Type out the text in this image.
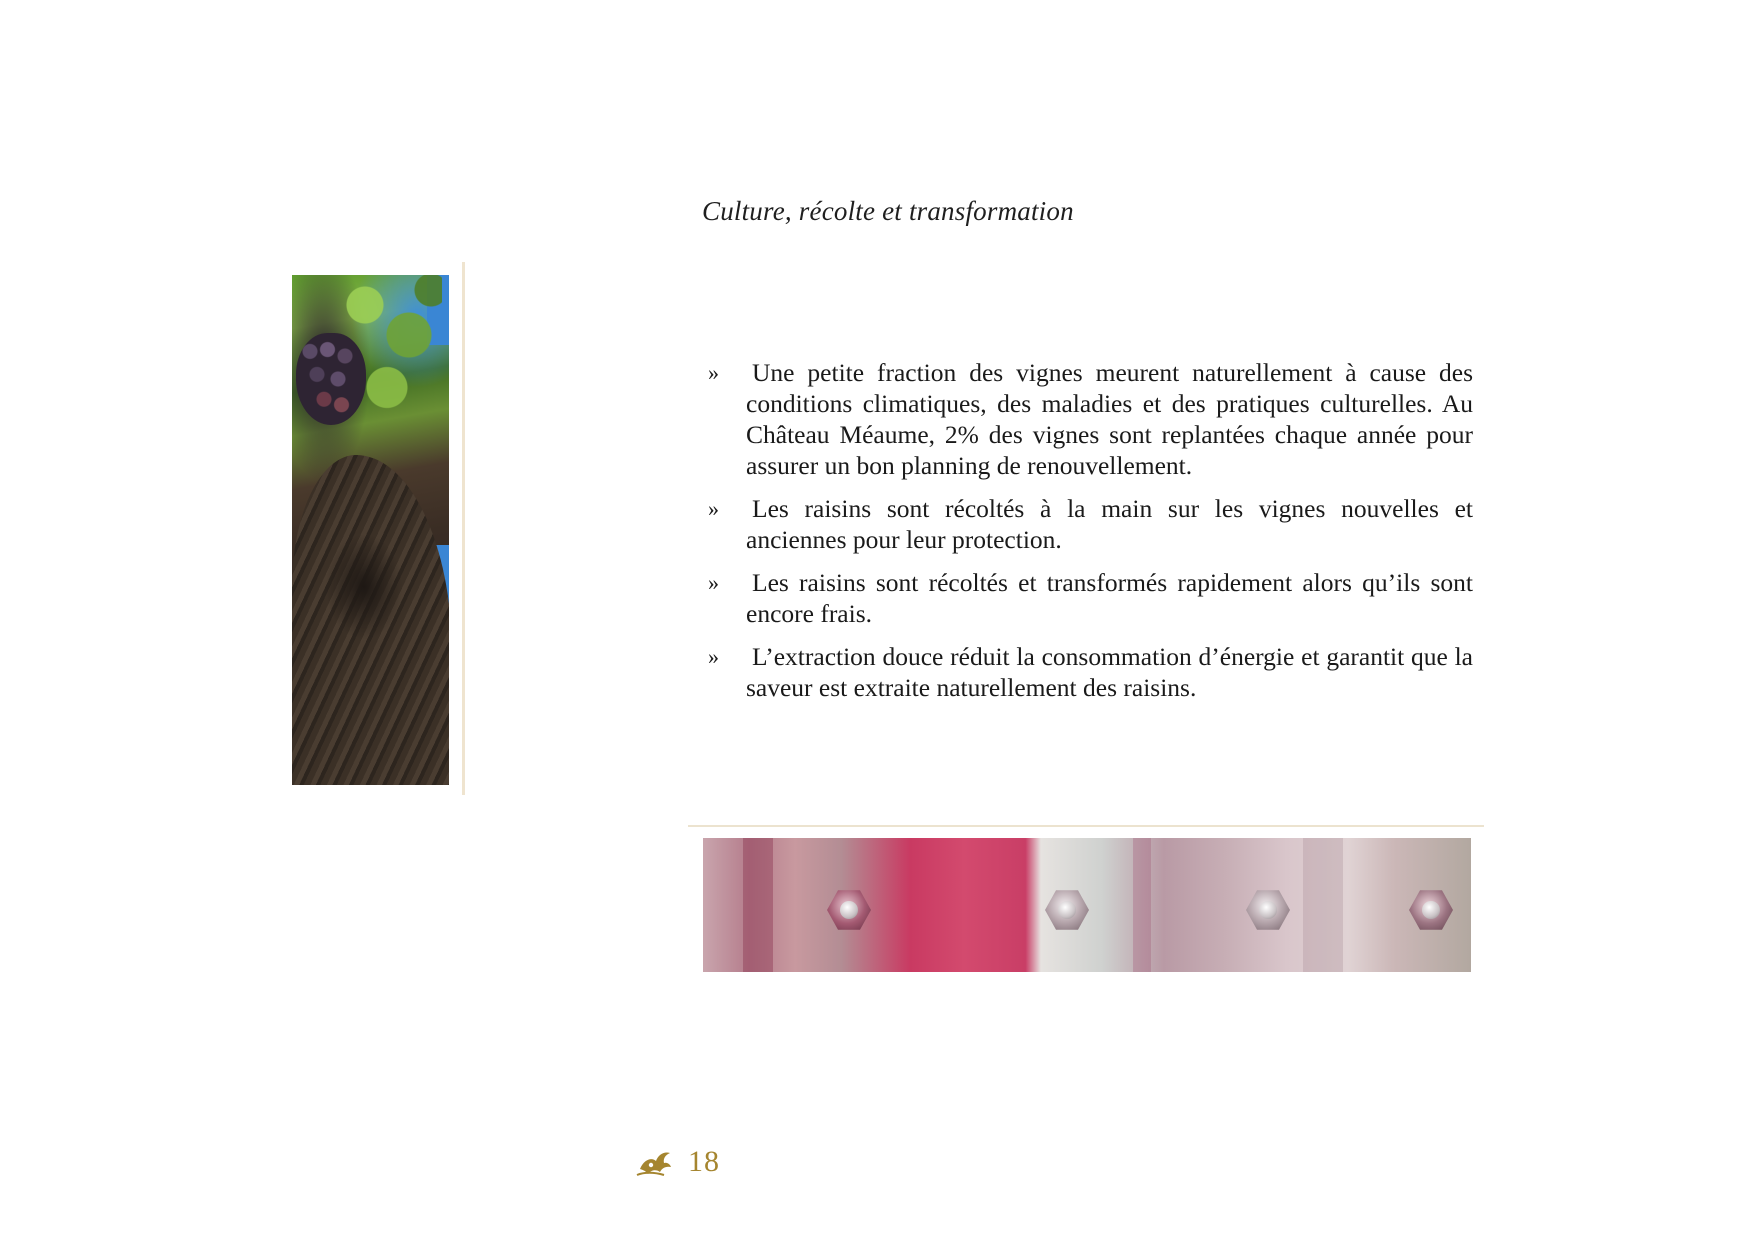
Culture, récolte et transformation
» Une petite fraction des vignes meurent naturellement à cause des conditions climatiques, des maladies et des pratiques culturelles. Au Château Méaume, 2% des vignes sont replantées chaque année pour assurer un bon planning de renouvellement.
» Les raisins sont récoltés à la main sur les vignes nouvelles et anciennes pour leur protection.
» Les raisins sont récoltés et transformés rapidement alors qu’ils sont encore frais.
» L’extraction douce réduit la consommation d’énergie et garantit que la saveur est extraite naturellement des raisins.
18
